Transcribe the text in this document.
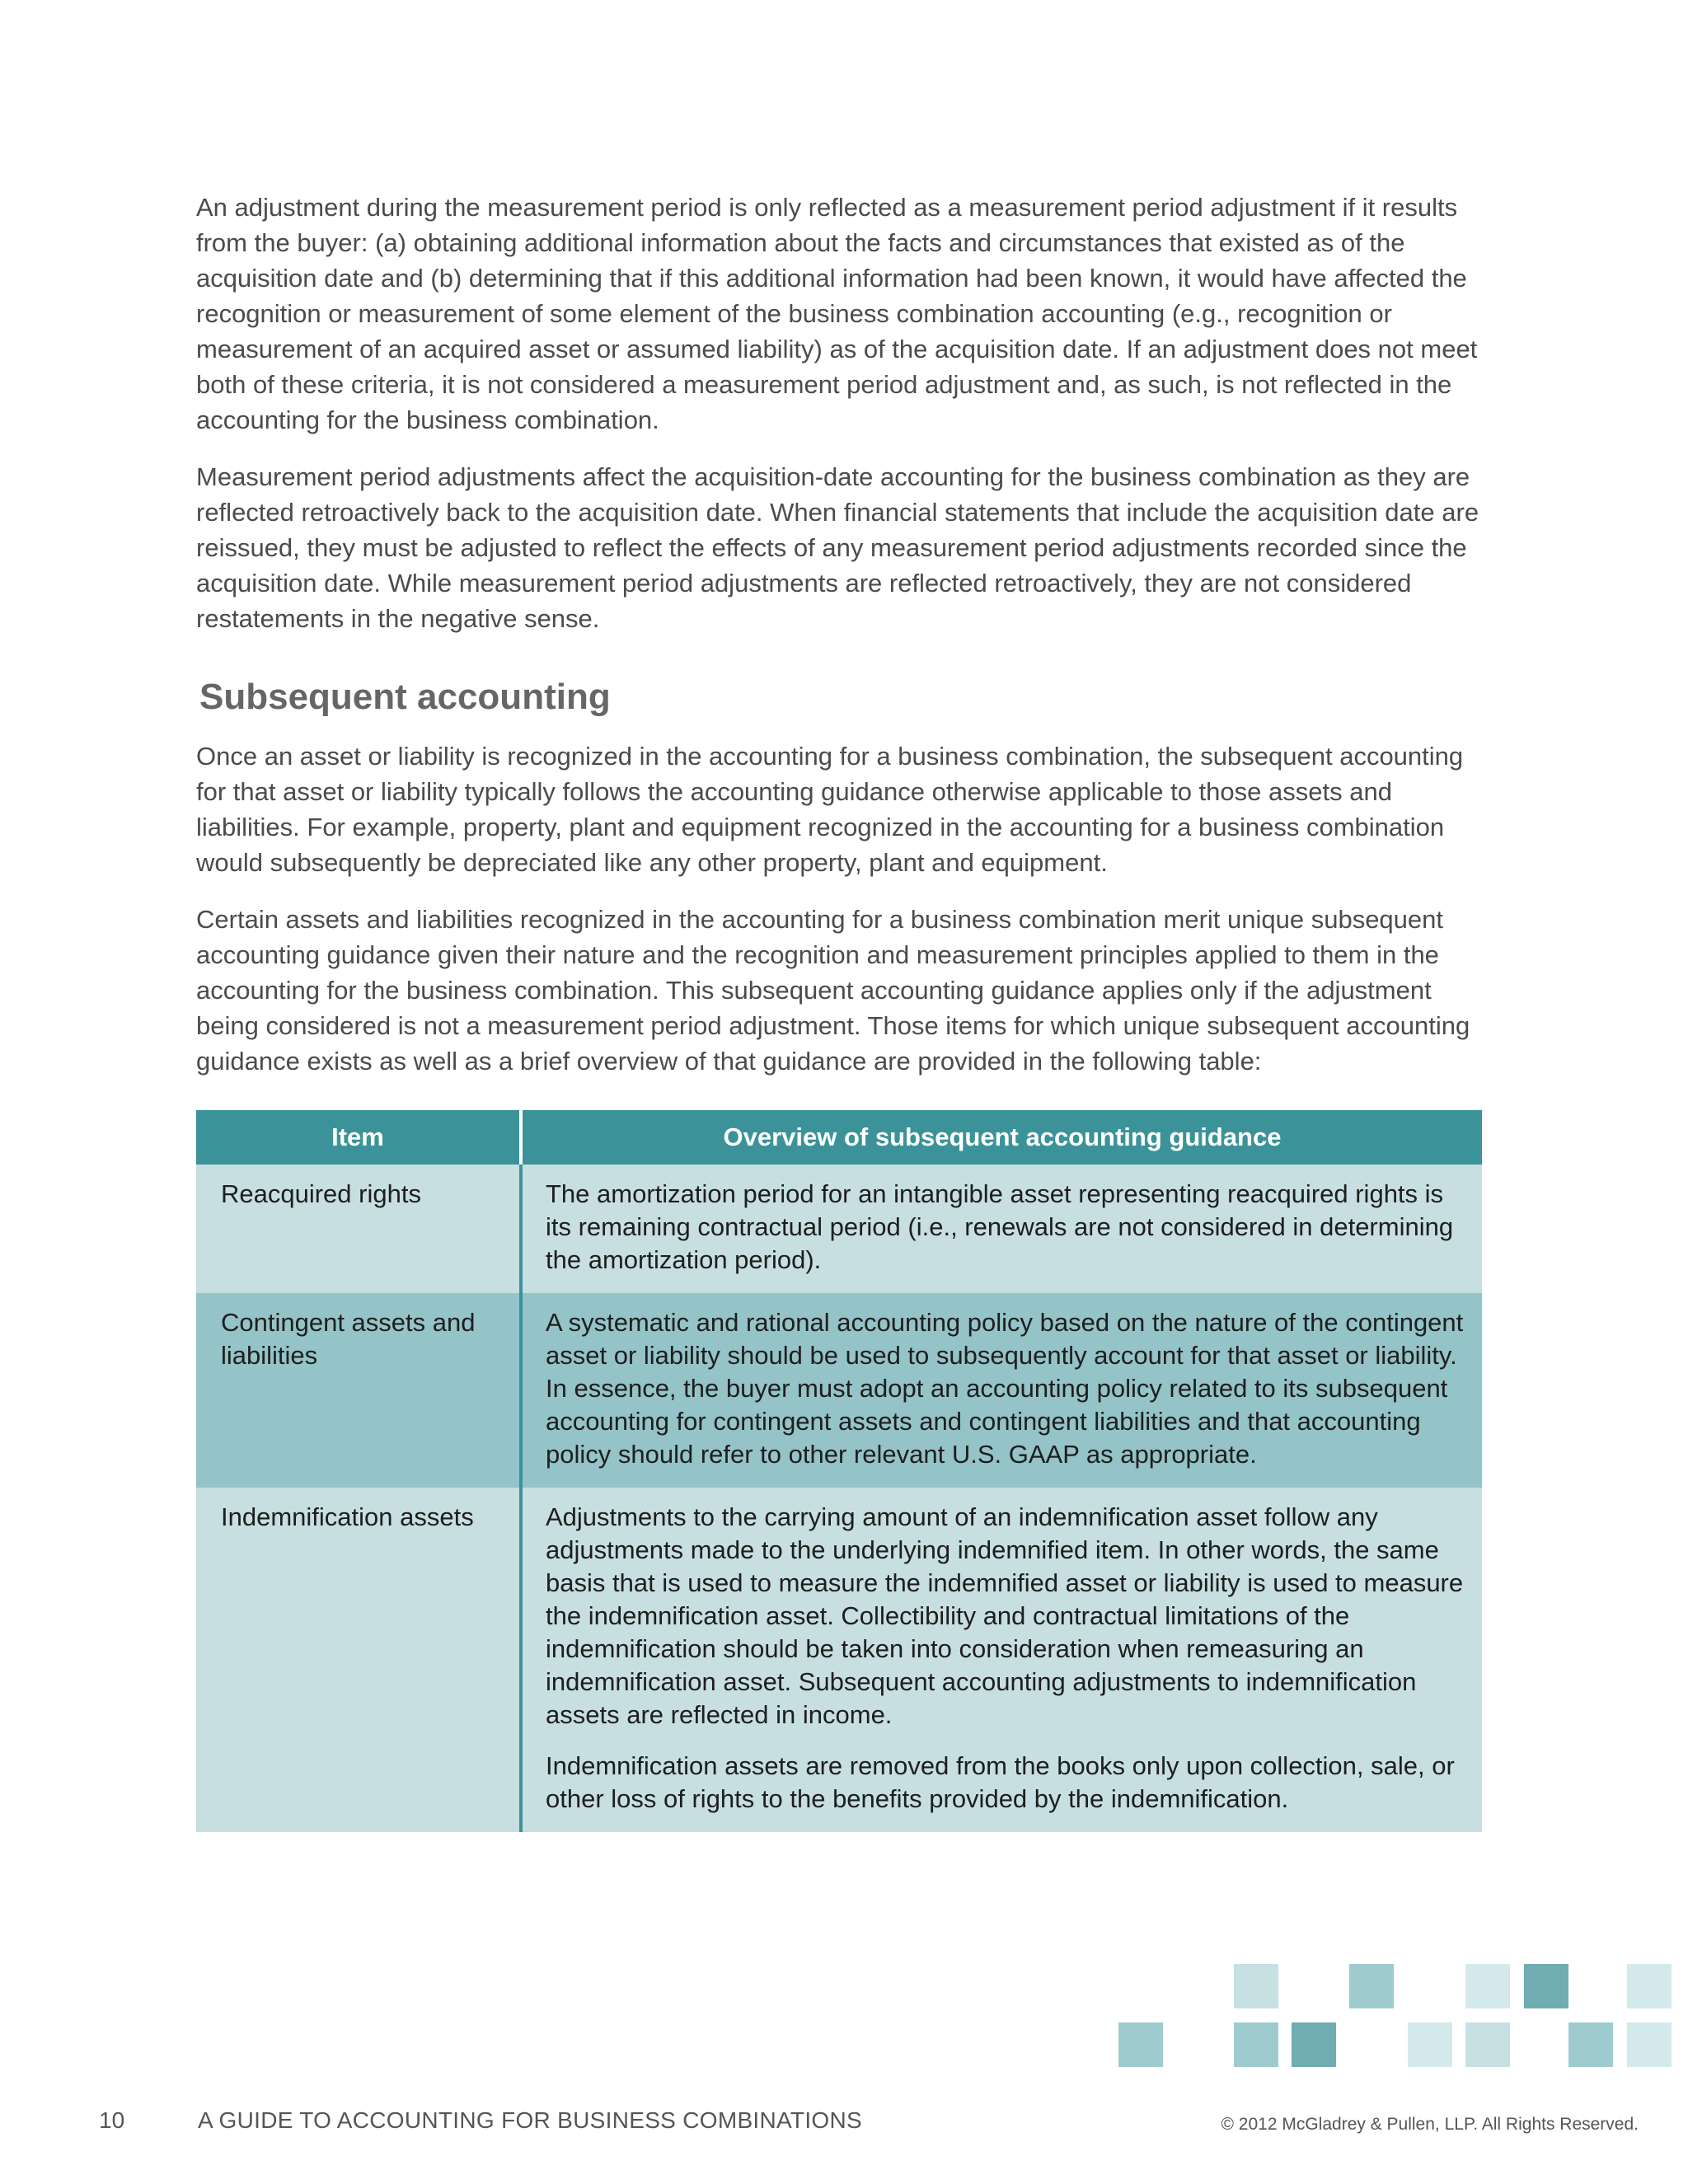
An adjustment during the measurement period is only reflected as a measurement period adjustment if it results from the buyer: (a) obtaining additional information about the facts and circumstances that existed as of the acquisition date and (b) determining that if this additional information had been known, it would have affected the recognition or measurement of some element of the business combination accounting (e.g., recognition or measurement of an acquired asset or assumed liability) as of the acquisition date. If an adjustment does not meet both of these criteria, it is not considered a measurement period adjustment and, as such, is not reflected in the accounting for the business combination.

Measurement period adjustments affect the acquisition-date accounting for the business combination as they are reflected retroactively back to the acquisition date. When financial statements that include the acquisition date are reissued, they must be adjusted to reflect the effects of any measurement period adjustments recorded since the acquisition date. While measurement period adjustments are reflected retroactively, they are not considered restatements in the negative sense.

Subsequent accounting

Once an asset or liability is recognized in the accounting for a business combination, the subsequent accounting for that asset or liability typically follows the accounting guidance otherwise applicable to those assets and liabilities. For example, property, plant and equipment recognized in the accounting for a business combination would subsequently be depreciated like any other property, plant and equipment.

Certain assets and liabilities recognized in the accounting for a business combination merit unique subsequent accounting guidance given their nature and the recognition and measurement principles applied to them in the accounting for the business combination. This subsequent accounting guidance applies only if the adjustment being considered is not a measurement period adjustment. Those items for which unique subsequent accounting guidance exists as well as a brief overview of that guidance are provided in the following table:

Item	Overview of subsequent accounting guidance
Reacquired rights	The amortization period for an intangible asset representing reacquired rights is its remaining contractual period (i.e., renewals are not considered in determining the amortization period).

Contingent assets and liabilities	A systematic and rational accounting policy based on the nature of the contingent asset or liability should be used to subsequently account for that asset or liability. In essence, the buyer must adopt an accounting policy related to its subsequent accounting for contingent assets and contingent liabilities and that accounting policy should refer to other relevant U.S. GAAP as appropriate.

Indemnification assets	Adjustments to the carrying amount of an indemnification asset follow any adjustments made to the underlying indemnified item. In other words, the same basis that is used to measure the indemnified asset or liability is used to measure the indemnification asset. Collectibility and contractual limitations of the indemnification should be taken into consideration when remeasuring an indemnification asset. Subsequent accounting adjustments to indemnification assets are reflected in income.

Indemnification assets are removed from the books only upon collection, sale, or other loss of rights to the benefits provided by the indemnification.

10	A GUIDE TO ACCOUNTING FOR BUSINESS COMBINATIONS	© 2012 McGladrey & Pullen, LLP. All Rights Reserved.
